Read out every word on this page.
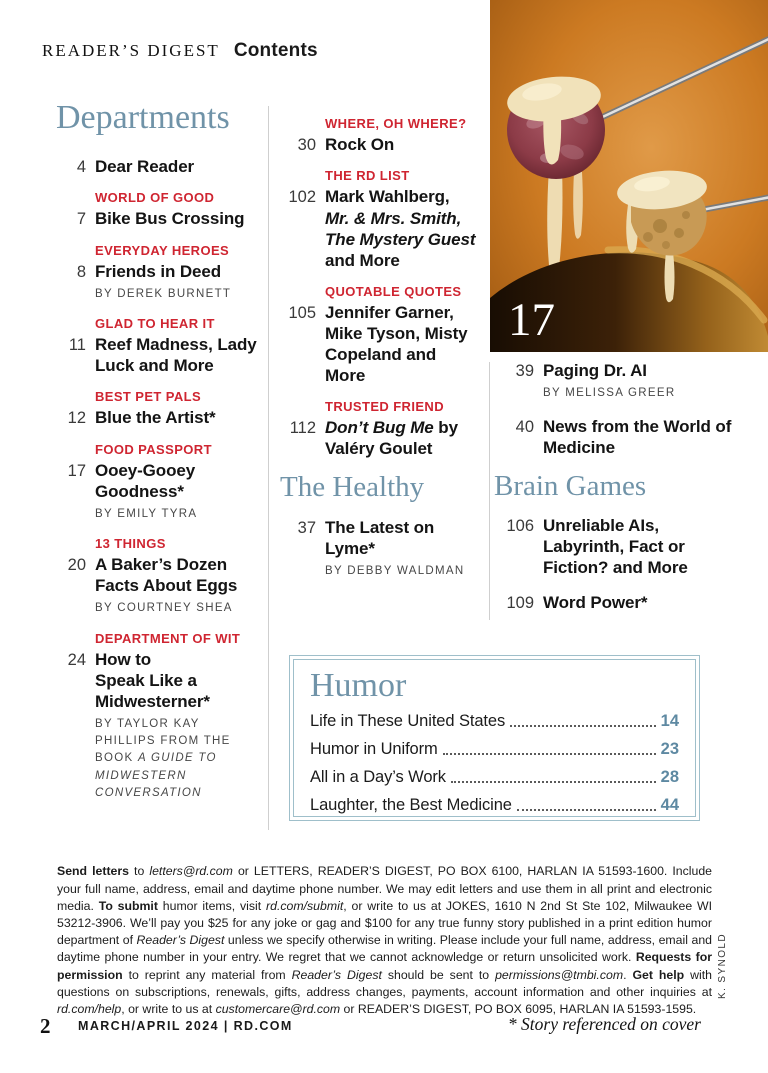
READER’S DIGEST Contents
17
Departments
4 Dear Reader
WORLD OF GOOD
7 Bike Bus Crossing
EVERYDAY HEROES
8 Friends in Deed
BY DEREK BURNETT
GLAD TO HEAR IT
11 Reef Madness, Lady Luck and More
BEST PET PALS
12 Blue the Artist*
FOOD PASSPORT
17 Ooey-Gooey Goodness*
BY EMILY TYRA
13 THINGS
20 A Baker’s Dozen Facts About Eggs
BY COURTNEY SHEA
DEPARTMENT OF WIT
24 How to
Speak Like a
Midwesterner*
BY TAYLOR KAY PHILLIPS FROM THE BOOK A GUIDE TO MIDWESTERN CONVERSATION
WHERE, OH WHERE?
30 Rock On
THE RD LIST
102 Mark Wahlberg,
Mr. & Mrs. Smith,
The Mystery Guest
and More
QUOTABLE QUOTES
105 Jennifer Garner, Mike Tyson, Misty Copeland and More
TRUSTED FRIEND
112 Don’t Bug Me by Valéry Goulet
The Healthy
37 The Latest on Lyme*
BY DEBBY WALDMAN
39 Paging Dr. AI
BY MELISSA GREER
40 News from the World of Medicine
Brain Games
106 Unreliable AIs, Labyrinth, Fact or Fiction? and More
109 Word Power*
Humor
Life in These United States	14
Humor in Uniform	23
All in a Day’s Work	28
Laughter, the Best Medicine	44

Send letters to letters@rd.com or LETTERS, READER’S DIGEST, PO BOX 6100, HARLAN IA 51593-1600. Include your full name, address, email and daytime phone number. We may edit letters and use them in all print and electronic media. To submit humor items, visit rd.com/submit, or write to us at JOKES, 1610 N 2nd St Ste 102, Milwaukee WI 53212-3906. We’ll pay you $25 for any joke or gag and $100 for any true funny story published in a print edition humor department of Reader’s Digest unless we specify otherwise in writing. Please include your full name, address, email and daytime phone number in your entry. We regret that we cannot acknowledge or return unsolicited work. Requests for permission to reprint any material from Reader’s Digest should be sent to permissions@tmbi.com. Get help with questions on subscriptions, renewals, gifts, address changes, payments, account information and other inquiries at rd.com/help, or write to us at customercare@rd.com or READER’S DIGEST, PO BOX 6095, HARLAN IA 51593-1595.

K. SYNOLD
2 MARCH/APRIL 2024 | RD.COM	* Story referenced on cover
